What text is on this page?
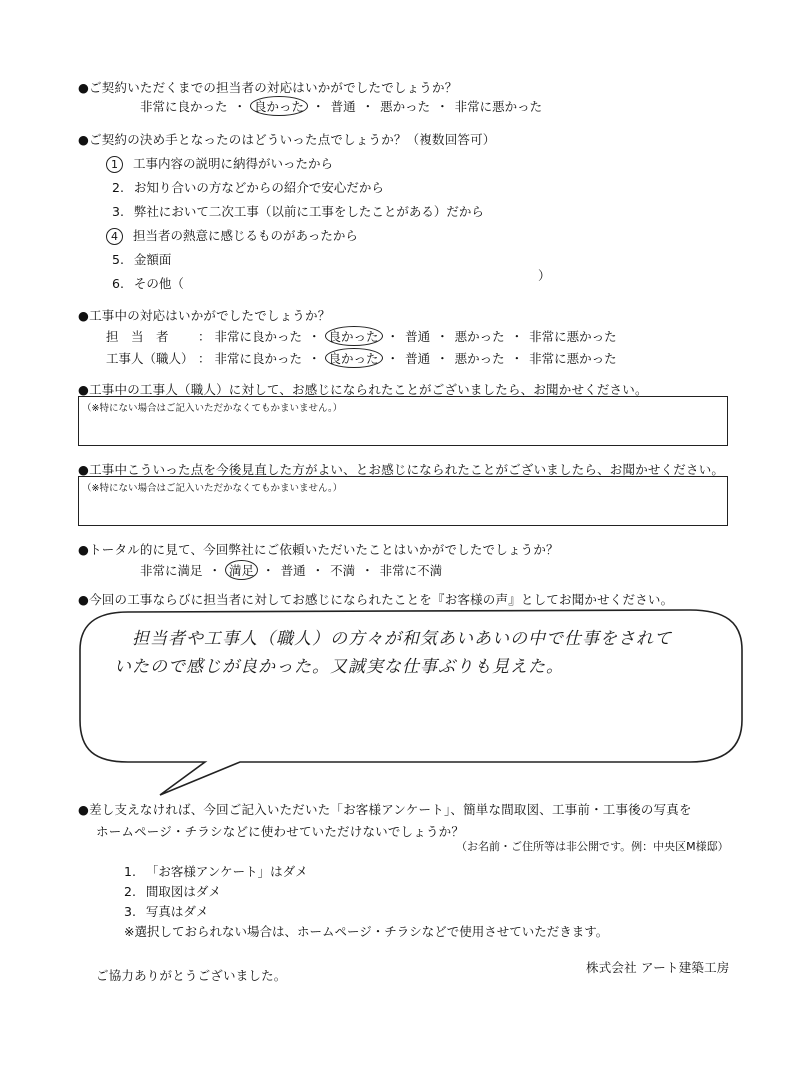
●ご契約いただくまでの担当者の対応はいかがでしたでしょうか？
非常に良かった ・ 良かった ・ 普通 ・ 悪かった ・ 非常に悪かった
●ご契約の決め手となったのはどういった点でしょうか？（複数回答可）
1 工事内容の説明に納得がいったから
2. お知り合いの方などからの紹介で安心だから
3. 弊社において二次工事（以前に工事をしたことがある）だから
4 担当者の熱意に感じるものがあったから
5. 金額面
6. その他（
）
●工事中の対応はいかがでしたでしょうか？
担　当　者 ： 非常に良かった ・ 良かった ・ 普通 ・ 悪かった ・ 非常に悪かった
工事人（職人） ： 非常に良かった ・ 良かった ・ 普通 ・ 悪かった ・ 非常に悪かった
●工事中の工事人（職人）に対して、お感じになられたことがございましたら、お聞かせください。
（※特にない場合はご記入いただかなくてもかまいません。）
●工事中こういった点を今後見直した方がよい、とお感じになられたことがございましたら、お聞かせください。
（※特にない場合はご記入いただかなくてもかまいません。）
●トータル的に見て、今回弊社にご依頼いただいたことはいかがでしたでしょうか？
非常に満足 ・ 満足 ・ 普通 ・ 不満 ・ 非常に不満
●今回の工事ならびに担当者に対してお感じになられたことを『お客様の声』としてお聞かせください。
担当者や工事人（職人）の方々が和気あいあいの中で仕事をされて
いたので感じが良かった。又誠実な仕事ぶりも見えた。
●差し支えなければ、今回ご記入いただいた「お客様アンケート」、簡単な間取図、工事前・工事後の写真を
ホームページ・チラシなどに使わせていただけないでしょうか？
（お名前・ご住所等は非公開です。例：中央区M様邸）
1. 「お客様アンケート」はダメ
2. 間取図はダメ
3. 写真はダメ
※選択しておられない場合は、ホームページ・チラシなどで使用させていただきます。
ご協力ありがとうございました。
株式会社 アート建築工房
